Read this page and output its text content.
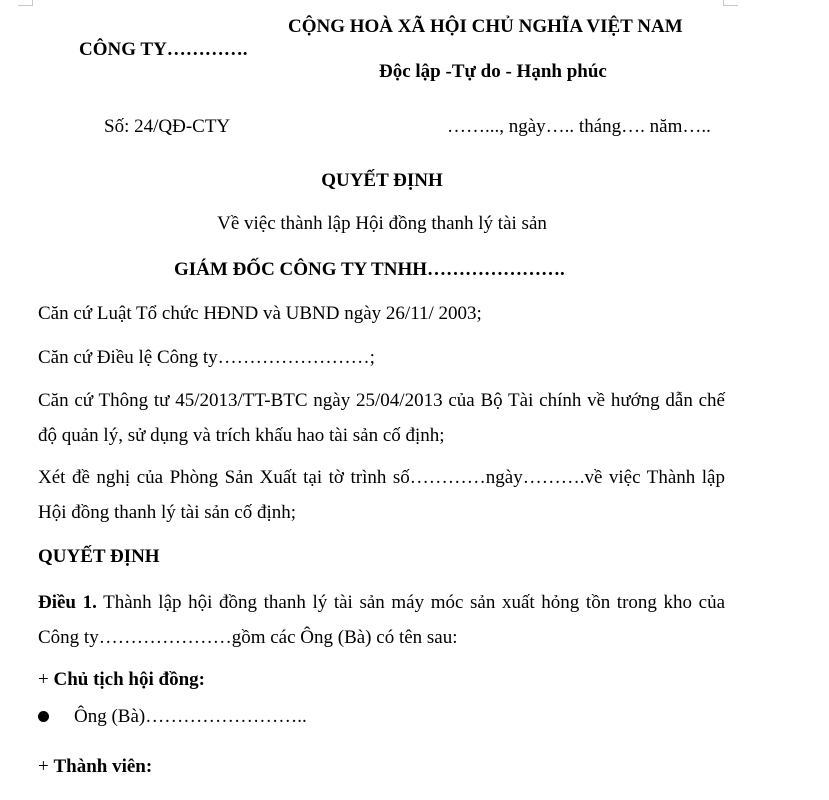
CÔNG TY………….
CỘNG HOÀ XÃ HỘI CHỦ NGHĨA VIỆT NAM
Độc lập -Tự do - Hạnh phúc
Số: 24/QĐ-CTY	……..., ngày….. tháng…. năm…..
QUYẾT ĐỊNH
Về việc thành lập Hội đồng thanh lý tài sản
GIÁM ĐỐC CÔNG TY TNHH………………….
Căn cứ Luật Tổ chức HĐND và UBND ngày 26/11/ 2003;
Căn cứ Điều lệ Công ty……………………;
Căn cứ Thông tư 45/2013/TT-BTC ngày 25/04/2013 của Bộ Tài chính về hướng dẫn chế độ quản lý, sử dụng và trích khấu hao tài sản cố định;
Xét đề nghị của Phòng Sản Xuất tại tờ trình số…………ngày……….về việc Thành lập Hội đồng thanh lý tài sản cố định;
QUYẾT ĐỊNH
Điều 1. Thành lập hội đồng thanh lý tài sản máy móc sản xuất hỏng tồn trong kho của Công ty…………………gồm các Ông (Bà) có tên sau:
+ Chủ tịch hội đồng:
Ông (Bà)……………………..
+ Thành viên:
